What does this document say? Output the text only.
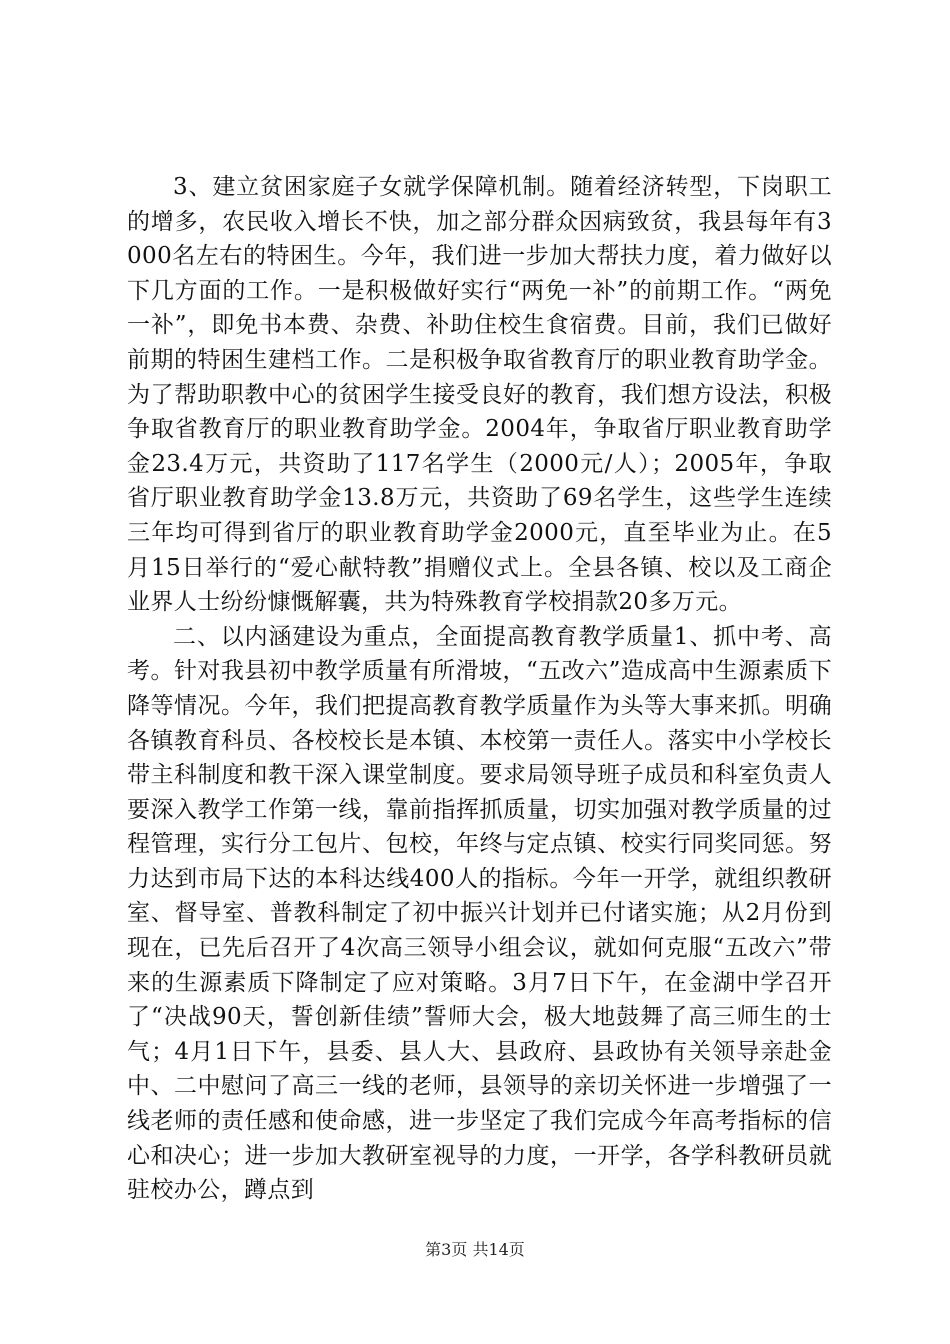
3、建立贫困家庭子女就学保障机制。随着经济转型，下岗职工的增多，农民收入增长不快，加之部分群众因病致贫，我县每年有3000名左右的特困生。今年，我们进一步加大帮扶力度，着力做好以下几方面的工作。一是积极做好实行“两免一补”的前期工作。“两免一补”，即免书本费、杂费、补助住校生食宿费。目前，我们已做好前期的特困生建档工作。二是积极争取省教育厅的职业教育助学金。为了帮助职教中心的贫困学生接受良好的教育，我们想方设法，积极争取省教育厅的职业教育助学金。2004年，争取省厅职业教育助学金23.4万元，共资助了117名学生（2000元/人）；2005年，争取省厅职业教育助学金13.8万元，共资助了69名学生，这些学生连续三年均可得到省厅的职业教育助学金2000元，直至毕业为止。在5月15日举行的“爱心献特教”捐赠仪式上。全县各镇、校以及工商企业界人士纷纷慷慨解囊，共为特殊教育学校捐款20多万元。

二、以内涵建设为重点，全面提高教育教学质量1、抓中考、高考。针对我县初中教学质量有所滑坡，“五改六”造成高中生源素质下降等情况。今年，我们把提高教育教学质量作为头等大事来抓。明确各镇教育科员、各校校长是本镇、本校第一责任人。落实中小学校长带主科制度和教干深入课堂制度。要求局领导班子成员和科室负责人要深入教学工作第一线，靠前指挥抓质量，切实加强对教学质量的过程管理，实行分工包片、包校，年终与定点镇、校实行同奖同惩。努力达到市局下达的本科达线400人的指标。今年一开学，就组织教研室、督导室、普教科制定了初中振兴计划并已付诸实施；从2月份到现在，已先后召开了4次高三领导小组会议，就如何克服“五改六”带来的生源素质下降制定了应对策略。3月7日下午，在金湖中学召开了“决战90天，誓创新佳绩”誓师大会，极大地鼓舞了高三师生的士气；4月1日下午，县委、县人大、县政府、县政协有关领导亲赴金中、二中慰问了高三一线的老师，县领导的亲切关怀进一步增强了一线老师的责任感和使命感，进一步坚定了我们完成今年高考指标的信心和决心；进一步加大教研室视导的力度，一开学，各学科教研员就驻校办公，蹲点到

第3页 共14页
